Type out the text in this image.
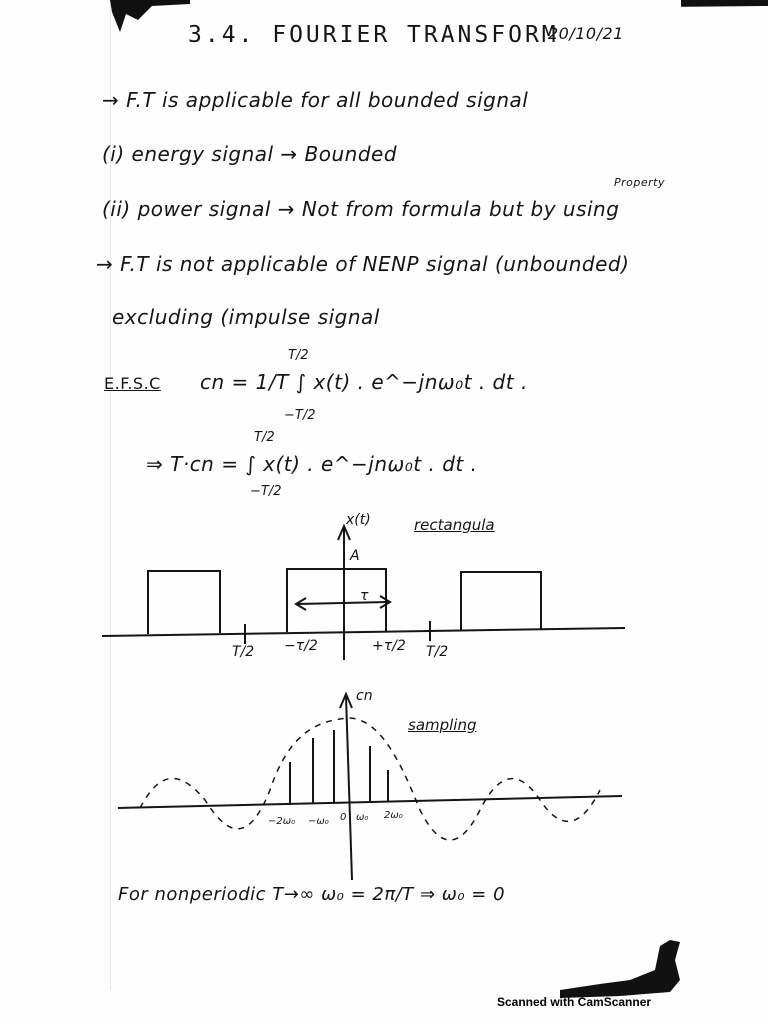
3.4. FOURIER TRANSFORM
20/10/21
→ F.T is applicable for all bounded signal
(i) energy signal → Bounded
Property
(ii) power signal → Not from formula but by using
→ F.T is not applicable of NENP signal (unbounded)
excluding (impulse signal
E.F.S.C
T/2
cn = 1/T ∫ x(t) . e^−jnω₀t . dt .
−T/2
T/2
⇒ T·cn = ∫ x(t) . e^−jnω₀t . dt .
−T/2
x(t)	rectangula
A
τ
T/2 −τ/2	+τ/2 T/2
cn
sampling
−2ω₀ −ω₀ 0 ω₀ 2ω₀
For nonperiodic T→∞ ω₀ = 2π/T ⇒ ω₀ = 0
Scanned with CamScanner
